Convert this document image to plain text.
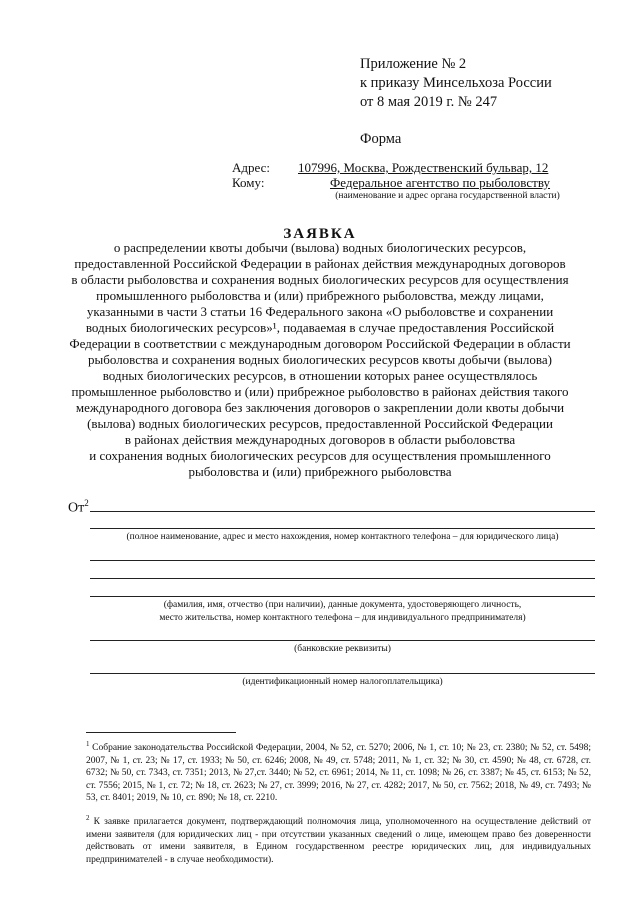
Приложение № 2
к приказу Минсельхоза России
от 8 мая 2019 г. № 247
Форма
Адрес: 107996, Москва, Рождественский бульвар, 12
Кому:	Федеральное агентство по рыболовству
(наименование и адрес органа государственной власти)
ЗАЯВКА
о распределении квоты добычи (вылова) водных биологических ресурсов,
предоставленной Российской Федерации в районах действия международных договоров
в области рыболовства и сохранения водных биологических ресурсов для осуществления
промышленного рыболовства и (или) прибрежного рыболовства, между лицами,
указанными в части 3 статьи 16 Федерального закона «О рыболовстве и сохранении
водных биологических ресурсов»¹, подаваемая в случае предоставления Российской
Федерации в соответствии с международным договором Российской Федерации в области
рыболовства и сохранения водных биологических ресурсов квоты добычи (вылова)
водных биологических ресурсов, в отношении которых ранее осуществлялось
промышленное рыболовство и (или) прибрежное рыболовство в районах действия такого
международного договора без заключения договоров о закреплении доли квоты добычи
(вылова) водных биологических ресурсов, предоставленной Российской Федерации
в районах действия международных договоров в области рыболовства
и сохранения водных биологических ресурсов для осуществления промышленного
рыболовства и (или) прибрежного рыболовства
$От^2$
(полное наименование, адрес и место нахождения, номер контактного телефона – для юридического лица)
(фамилия, имя, отчество (при наличии), данные документа, удостоверяющего личность,
место жительства, номер контактного телефона – для индивидуального предпринимателя)
(банковские реквизиты)
(идентификационный номер налогоплательщика)
$^1$ Собрание законодательства Российской Федерации, 2004, № 52, ст. 5270; 2006, № 1, ст. 10; № 23, ст. 2380; № 52, ст. 5498; 2007, № 1, ст. 23; № 17, ст. 1933; № 50, ст. 6246; 2008, № 49, ст. 5748; 2011, № 1, ст. 32; № 30, ст. 4590; № 48, ст. 6728, ст. 6732; № 50, ст. 7343, ст. 7351; 2013, № 27,ст. 3440; № 52, ст. 6961; 2014, № 11, ст. 1098; № 26, ст. 3387; № 45, ст. 6153; № 52, ст. 7556; 2015, № 1, ст. 72; № 18, ст. 2623; № 27, ст. 3999; 2016, № 27, ст. 4282; 2017, № 50, ст. 7562; 2018, № 49, ст. 7493; № 53, ст. 8401; 2019, № 10, ст. 890; № 18, ст. 2210.
$^2$ К заявке прилагается документ, подтверждающий полномочия лица, уполномоченного на осуществление действий от имени заявителя (для юридических лиц - при отсутствии указанных сведений о лице, имеющем право без доверенности действовать от имени заявителя, в Едином государственном реестре юридических лиц, для индивидуальных предпринимателей - в случае необходимости).
